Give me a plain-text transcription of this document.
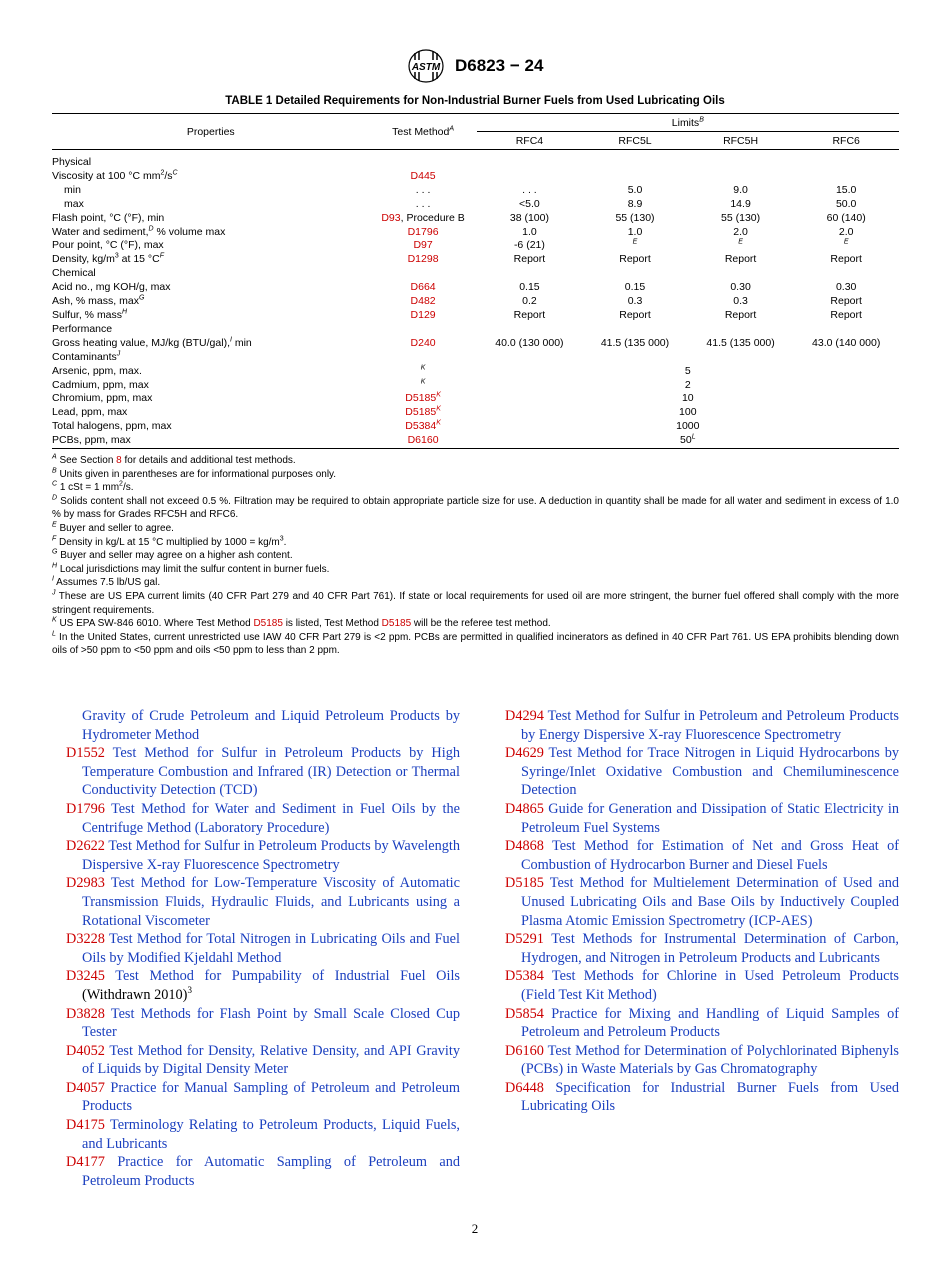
ASTM D6823 − 24
TABLE 1 Detailed Requirements for Non-Industrial Burner Fuels from Used Lubricating Oils
Properties	Test Method$^A$	Limits$^B$
		RFC4	RFC5L	RFC5H	RFC6
Physical					
Viscosity at 100 °C $mm^2/s^C$	D445				
min	. . .	. . .	5.0	9.0	15.0
max	. . .	<5.0	8.9	14.9	50.0
Flash point, °C (°F), min	D93, Procedure B	38 (100)	55 (130)	55 (130)	60 (140)
Water and sediment,$^D$ % volume max	D1796	1.0	1.0	2.0	2.0
Pour point, °C (°F), max	D97	-6 (21)	$^E$	$^E$	$^E$
Density, $kg/m^3$ at 15 $^\circ C^F$	D1298	Report	Report	Report	Report
Chemical					
Acid no., mg KOH/g, max	D664	0.15	0.15	0.30	0.30
Ash, % mass, $\max^G$	D482	0.2	0.3	0.3	Report
Sulfur, % mass$^H$	D129	Report	Report	Report	Report
Performance					
Gross heating value, MJ/kg (BTU/gal),$^I$ min	D240	40.0 (130 000)	41.5 (135 000)	41.5 (135 000)	43.0 (140 000)
Contaminants$^J$		
Arsenic, ppm, max.	$^K$	5			
Cadmium, ppm, max	$^K$	2			
Chromium, ppm, max	$D5185^K$	10			
Lead, ppm, max	$D5185^K$	100			
Total halogens, ppm, max	$D5384^K$	1000			
PCBs, ppm, max	D6160	$50^L$

$^A$ See Section 8 for details and additional test methods.

$^B$ Units given in parentheses are for informational purposes only.

$^C$ 1 cSt = 1 $mm^2/s$.

$^D$ Solids content shall not exceed 0.5 %. Filtration may be required to obtain appropriate particle size for use. A deduction in quantity shall be made for all water and sediment in excess of 1.0 % by mass for Grades RFC5H and RFC6.

$^E$ Buyer and seller to agree.

$^F$ Density in kg/L at 15 °C multiplied by $1000 = kg/m^3$.

$^G$ Buyer and seller may agree on a higher ash content.

$^H$ Local jurisdictions may limit the sulfur content in burner fuels.

$^I$ Assumes 7.5 lb/US gal.

$^J$ These are US EPA current limits (40 CFR Part 279 and 40 CFR Part 761). If state or local requirements for used oil are more stringent, the burner fuel offered shall comply with the more stringent requirements.

$^K$ US EPA SW-846 6010. Where Test Method D5185 is listed, Test Method D5185 will be the referee test method.

$^L$ In the United States, current unrestricted use IAW 40 CFR Part 279 is <2 ppm. PCBs are permitted in qualified incinerators as defined in 40 CFR Part 761. US EPA prohibits blending down oils of >50 ppm to <50 ppm and oils <50 ppm to less than 2 ppm.

Gravity of Crude Petroleum and Liquid Petroleum Products by Hydrometer Method

D1552 Test Method for Sulfur in Petroleum Products by High Temperature Combustion and Infrared (IR) Detection or Thermal Conductivity Detection (TCD)

D1796 Test Method for Water and Sediment in Fuel Oils by the Centrifuge Method (Laboratory Procedure)

D2622 Test Method for Sulfur in Petroleum Products by Wavelength Dispersive X-ray Fluorescence Spectrometry

D2983 Test Method for Low-Temperature Viscosity of Automatic Transmission Fluids, Hydraulic Fluids, and Lubricants using a Rotational Viscometer

D3228 Test Method for Total Nitrogen in Lubricating Oils and Fuel Oils by Modified Kjeldahl Method

D3245 Test Method for Pumpability of Industrial Fuel Oils (Withdrawn 2010)$^3$

D3828 Test Methods for Flash Point by Small Scale Closed Cup Tester

D4052 Test Method for Density, Relative Density, and API Gravity of Liquids by Digital Density Meter

D4057 Practice for Manual Sampling of Petroleum and Petroleum Products

D4175 Terminology Relating to Petroleum Products, Liquid Fuels, and Lubricants

D4177 Practice for Automatic Sampling of Petroleum and Petroleum Products

D4294 Test Method for Sulfur in Petroleum and Petroleum Products by Energy Dispersive X-ray Fluorescence Spectrometry

D4629 Test Method for Trace Nitrogen in Liquid Hydrocarbons by Syringe/Inlet Oxidative Combustion and Chemiluminescence Detection

D4865 Guide for Generation and Dissipation of Static Electricity in Petroleum Fuel Systems

D4868 Test Method for Estimation of Net and Gross Heat of Combustion of Hydrocarbon Burner and Diesel Fuels

D5185 Test Method for Multielement Determination of Used and Unused Lubricating Oils and Base Oils by Inductively Coupled Plasma Atomic Emission Spectrometry (ICP-AES)

D5291 Test Methods for Instrumental Determination of Carbon, Hydrogen, and Nitrogen in Petroleum Products and Lubricants

D5384 Test Methods for Chlorine in Used Petroleum Products (Field Test Kit Method)

D5854 Practice for Mixing and Handling of Liquid Samples of Petroleum and Petroleum Products

D6160 Test Method for Determination of Polychlorinated Biphenyls (PCBs) in Waste Materials by Gas Chromatography

D6448 Specification for Industrial Burner Fuels from Used Lubricating Oils

2
